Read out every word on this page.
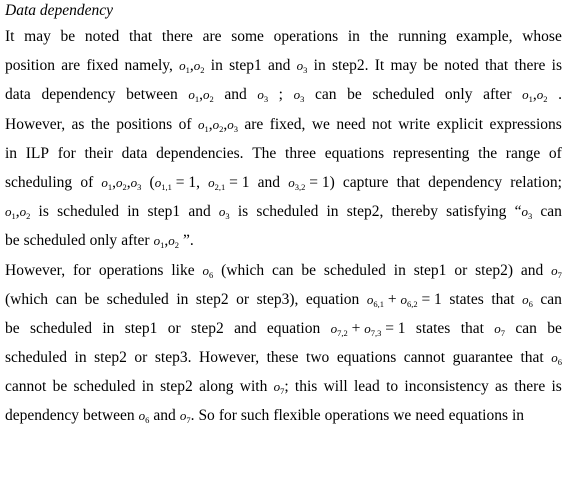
Data dependency
It may be noted that there are some operations in the running example, whose
position are fixed namely, $o_1,o_2$ in step1 and $o_3$ in step2. It may be noted that there is
data dependency between $o_1,o_2$ and $o_3$ ; $o_3$ can be scheduled only after $o_1,o_2$ .
However, as the positions of $o_1,o_2,o_3$ are fixed, we need not write explicit expressions
in ILP for their data dependencies. The three equations representing the range of
scheduling of $o_1,o_2,o_3$ ($o_{1,1} = 1$, $o_{2,1} = 1$ and $o_{3,2} = 1$) capture that dependency relation;
$o_1,o_2$ is scheduled in step1 and $o_3$ is scheduled in step2, thereby satisfying “$o_3$ can
be scheduled only after $o_1,o_2$ ”.
However, for operations like $o_6$ (which can be scheduled in step1 or step2) and $o_7$
(which can be scheduled in step2 or step3), equation $o_{6,1} + o_{6,2} = 1$ states that $o_6$ can
be scheduled in step1 or step2 and equation $o_{7,2} + o_{7,3} = 1$ states that $o_7$ can be
scheduled in step2 or step3. However, these two equations cannot guarantee that $o_6$
cannot be scheduled in step2 along with $o_7$; this will lead to inconsistency as there is
dependency between $o_6$ and $o_7$. So for such flexible operations we need equations in
